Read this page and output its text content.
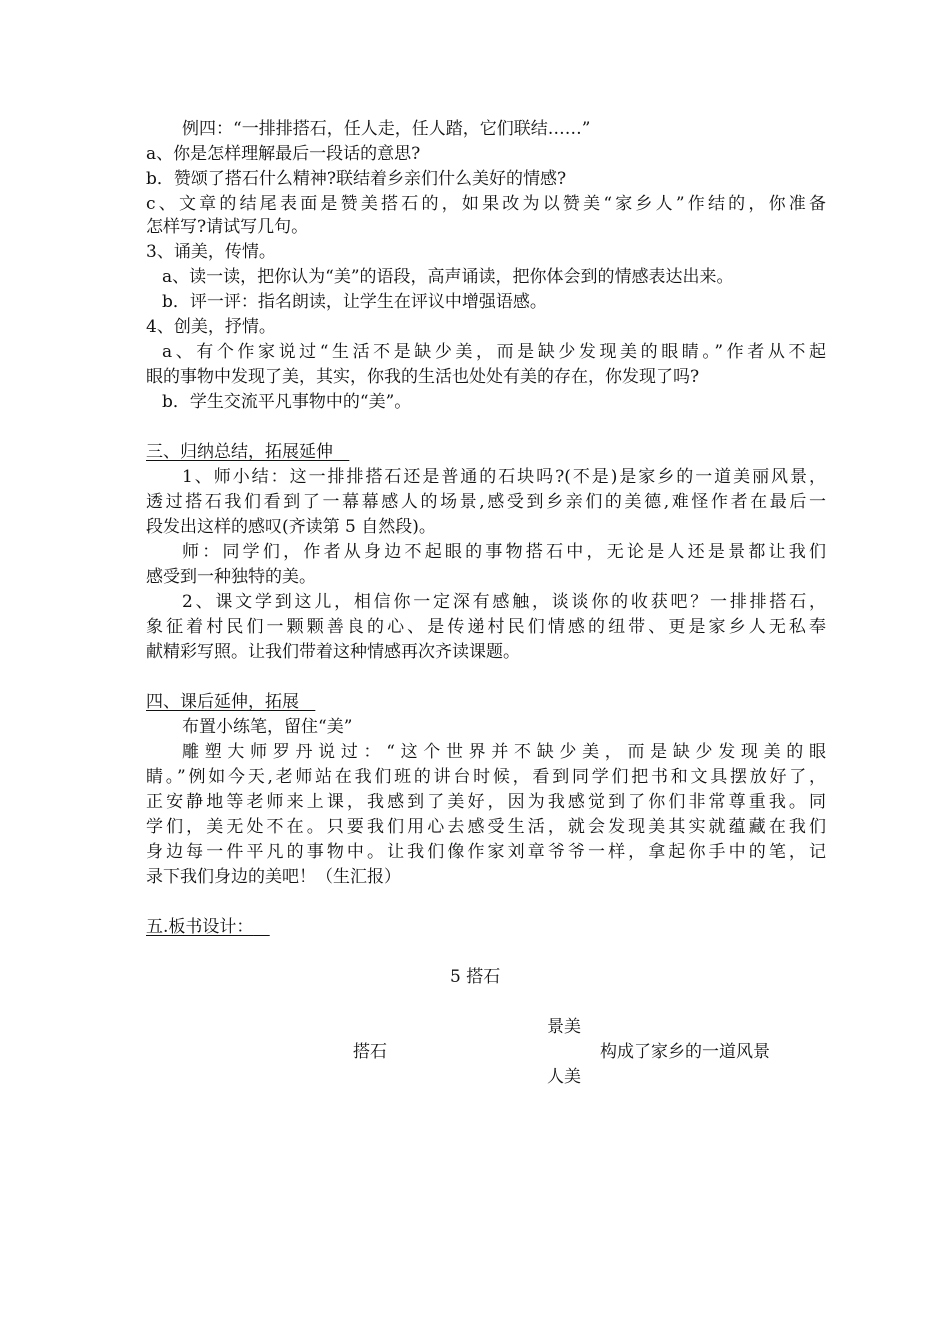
例四：“一排排搭石，任人走，任人踏，它们联结……”
a、你是怎样理解最后一段话的意思?
b．赞颂了搭石什么精神?联结着乡亲们什么美好的情感?
c、文章的结尾表面是赞美搭石的，如果改为以赞美“家乡人”作结的，你准备
怎样写?请试写几句。
3、诵美，传情。
a、读一读，把你认为“美”的语段，高声诵读，把你体会到的情感表达出来。
b．评一评：指名朗读，让学生在评议中增强语感。
4、创美，抒情。
a、有个作家说过“生活不是缺少美，而是缺少发现美的眼睛。”作者从不起
眼的事物中发现了美，其实，你我的生活也处处有美的存在，你发现了吗?
b．学生交流平凡事物中的“美”。
三、归纳总结，拓展延伸
1、师小结：这一排排搭石还是普通的石块吗?(不是)是家乡的一道美丽风景，
透过搭石我们看到了一幕幕感人的场景,感受到乡亲们的美德,难怪作者在最后一
段发出这样的感叹(齐读第 5 自然段)。
师：同学们，作者从身边不起眼的事物搭石中，无论是人还是景都让我们
感受到一种独特的美。
2、课文学到这儿，相信你一定深有感触，谈谈你的收获吧？一排排搭石，
象征着村民们一颗颗善良的心、是传递村民们情感的纽带、更是家乡人无私奉
献精彩写照。让我们带着这种情感再次齐读课题。
四、课后延伸，拓展
布置小练笔，留住“美”
雕塑大师罗丹说过：“这个世界并不缺少美，而是缺少发现美的眼
睛。”例如今天,老师站在我们班的讲台时候，看到同学们把书和文具摆放好了，
正安静地等老师来上课，我感到了美好，因为我感觉到了你们非常尊重我。同
学们，美无处不在。只要我们用心去感受生活，就会发现美其实就蕴藏在我们
身边每一件平凡的事物中。让我们像作家刘章爷爷一样，拿起你手中的笔，记
录下我们身边的美吧！（生汇报）
五.板书设计：
5 搭石
景美
搭石	构成了家乡的一道风景
人美
